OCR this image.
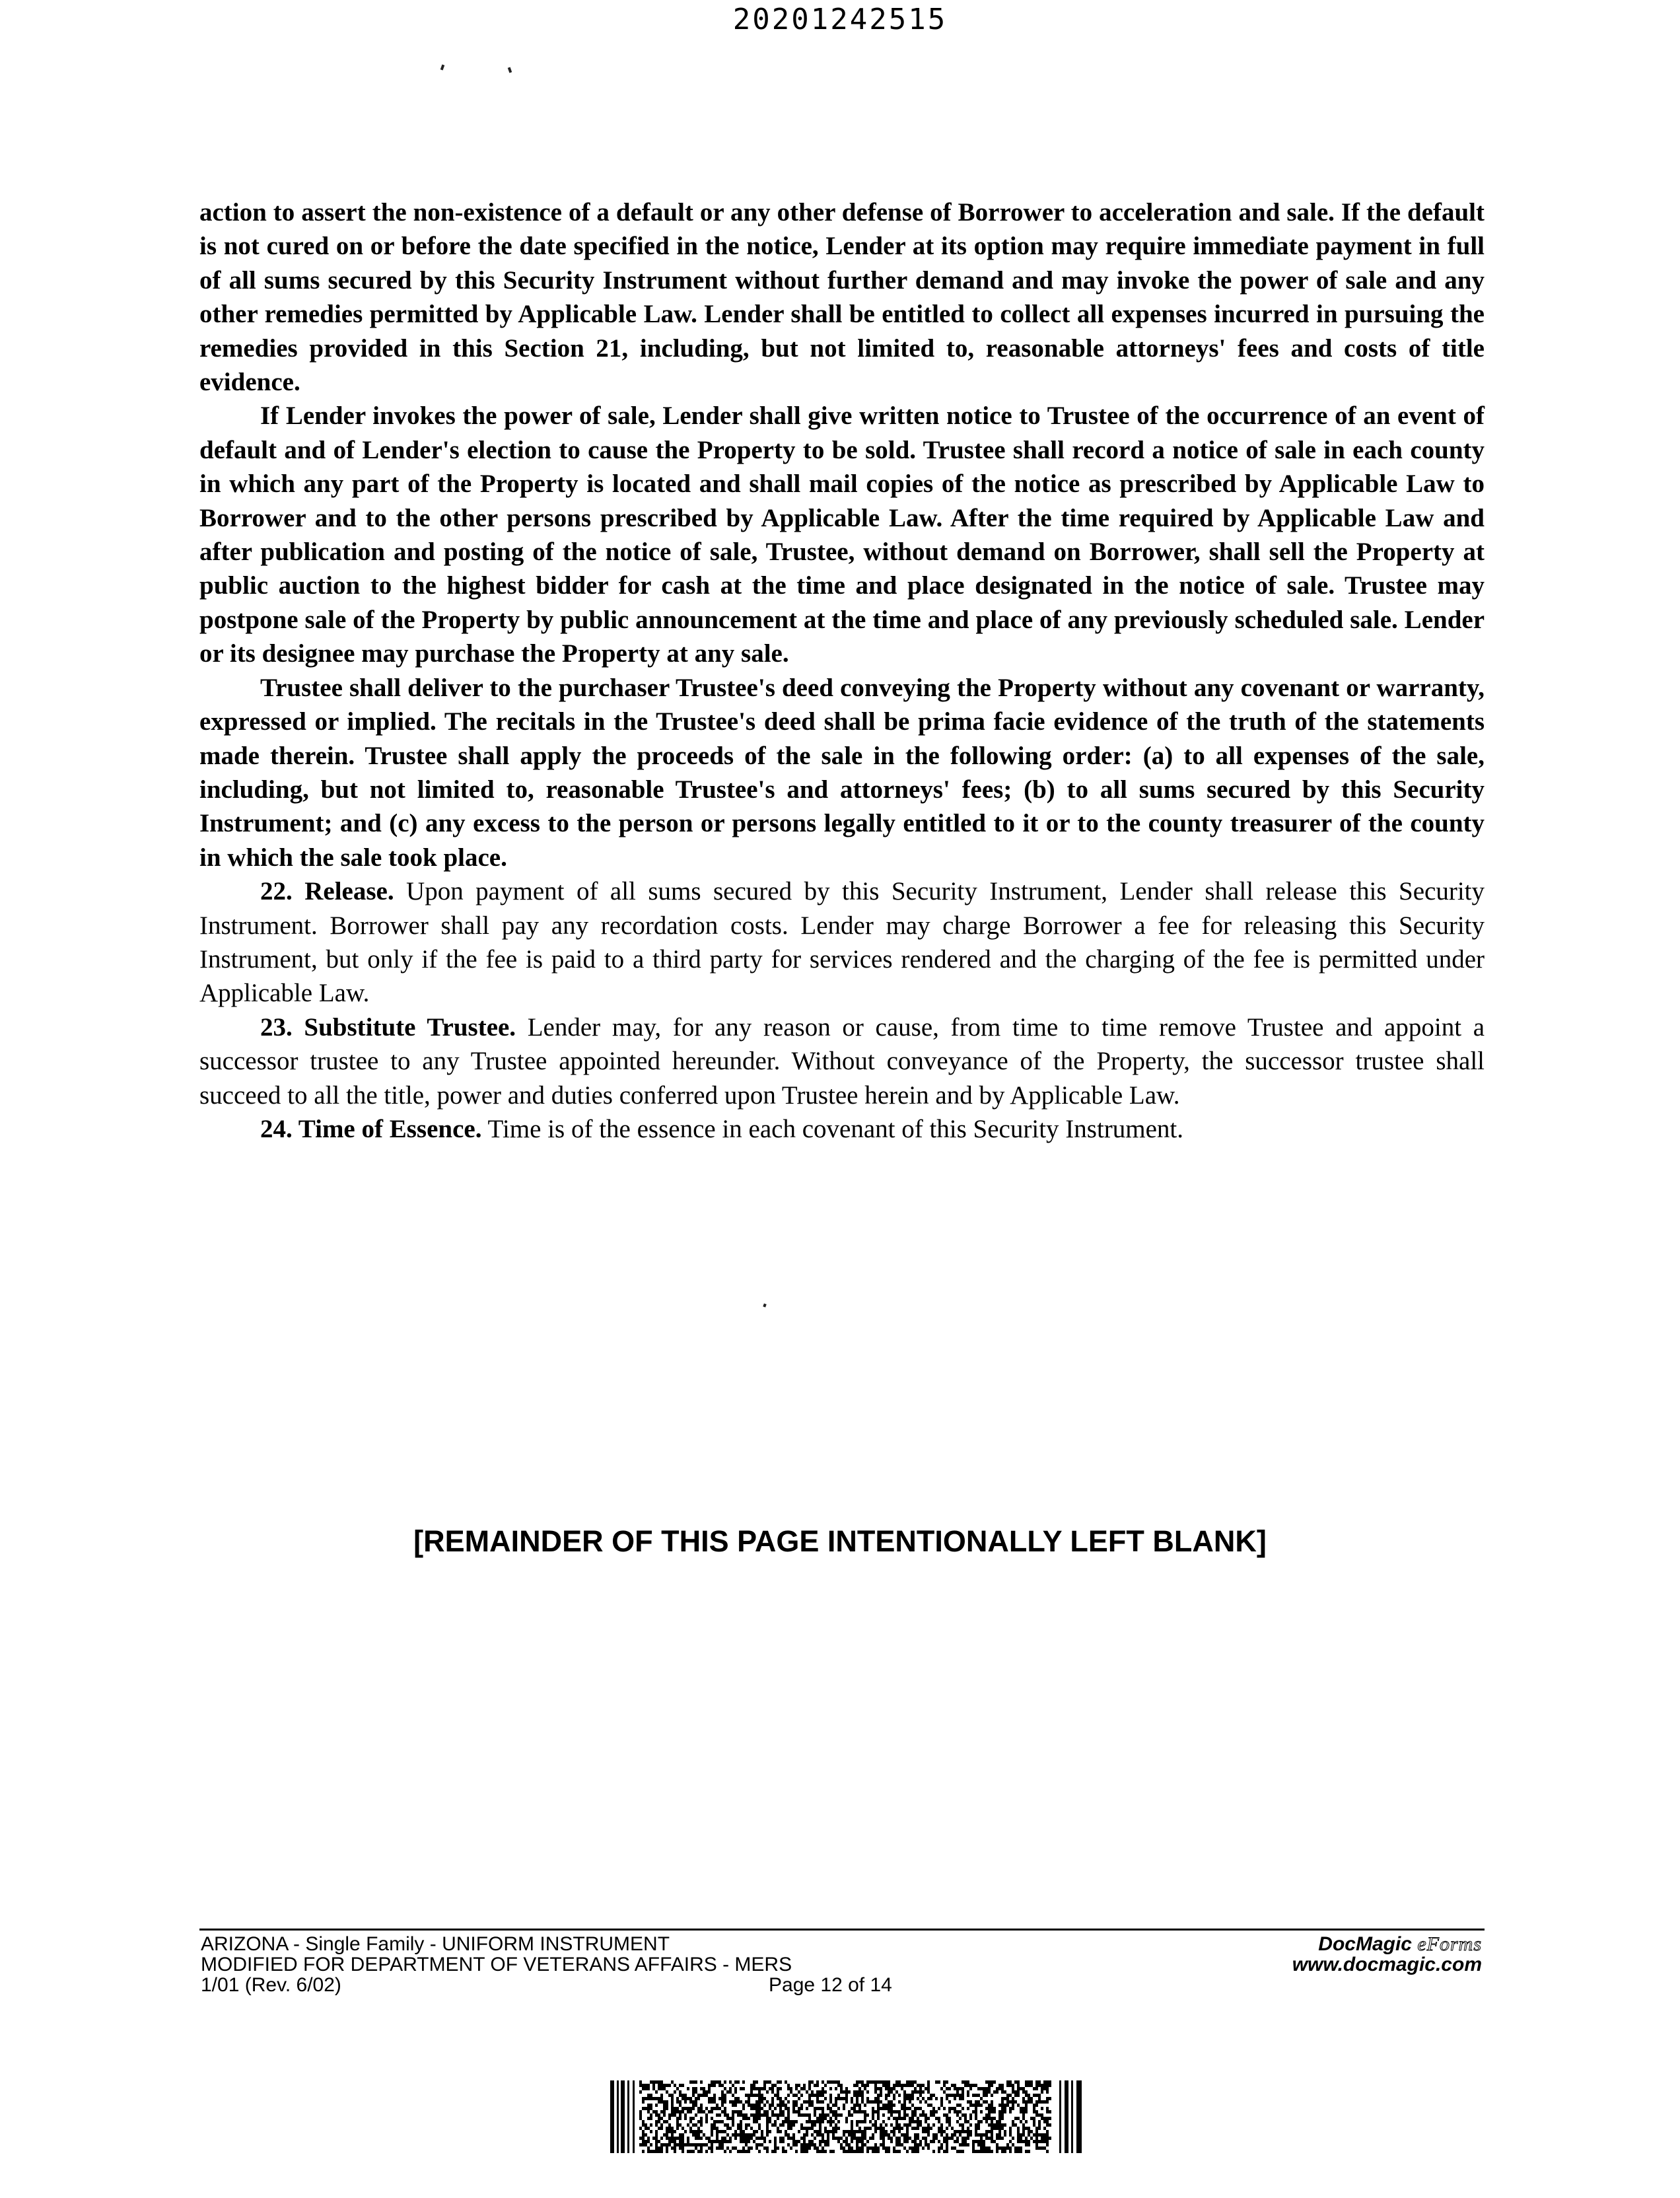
20201242515

action to assert the non-existence of a default or any other defense of Borrower to acceleration and sale. If the default is not cured on or before the date specified in the notice, Lender at its option may require immediate payment in full of all sums secured by this Security Instrument without further demand and may invoke the power of sale and any other remedies permitted by Applicable Law. Lender shall be entitled to collect all expenses incurred in pursuing the remedies provided in this Section 21, including, but not limited to, reasonable attorneys' fees and costs of title evidence.

If Lender invokes the power of sale, Lender shall give written notice to Trustee of the occurrence of an event of default and of Lender's election to cause the Property to be sold. Trustee shall record a notice of sale in each county in which any part of the Property is located and shall mail copies of the notice as prescribed by Applicable Law to Borrower and to the other persons prescribed by Applicable Law. After the time required by Applicable Law and after publication and posting of the notice of sale, Trustee, without demand on Borrower, shall sell the Property at public auction to the highest bidder for cash at the time and place designated in the notice of sale. Trustee may postpone sale of the Property by public announcement at the time and place of any previously scheduled sale. Lender or its designee may purchase the Property at any sale.

Trustee shall deliver to the purchaser Trustee's deed conveying the Property without any covenant or warranty, expressed or implied. The recitals in the Trustee's deed shall be prima facie evidence of the truth of the statements made therein. Trustee shall apply the proceeds of the sale in the following order: (a) to all expenses of the sale, including, but not limited to, reasonable Trustee's and attorneys' fees; (b) to all sums secured by this Security Instrument; and (c) any excess to the person or persons legally entitled to it or to the county treasurer of the county in which the sale took place.

22. Release. Upon payment of all sums secured by this Security Instrument, Lender shall release this Security Instrument. Borrower shall pay any recordation costs. Lender may charge Borrower a fee for releasing this Security Instrument, but only if the fee is paid to a third party for services rendered and the charging of the fee is permitted under Applicable Law.

23. Substitute Trustee. Lender may, for any reason or cause, from time to time remove Trustee and appoint a successor trustee to any Trustee appointed hereunder. Without conveyance of the Property, the successor trustee shall succeed to all the title, power and duties conferred upon Trustee herein and by Applicable Law.

24. Time of Essence. Time is of the essence in each covenant of this Security Instrument.

[REMAINDER OF THIS PAGE INTENTIONALLY LEFT BLANK]
ARIZONA - Single Family - UNIFORM INSTRUMENT
MODIFIED FOR DEPARTMENT OF VETERANS AFFAIRS - MERS
1/01 (Rev. 6/02)	Page 12 of 14
DocMagic eForms
www.docmagic.com
